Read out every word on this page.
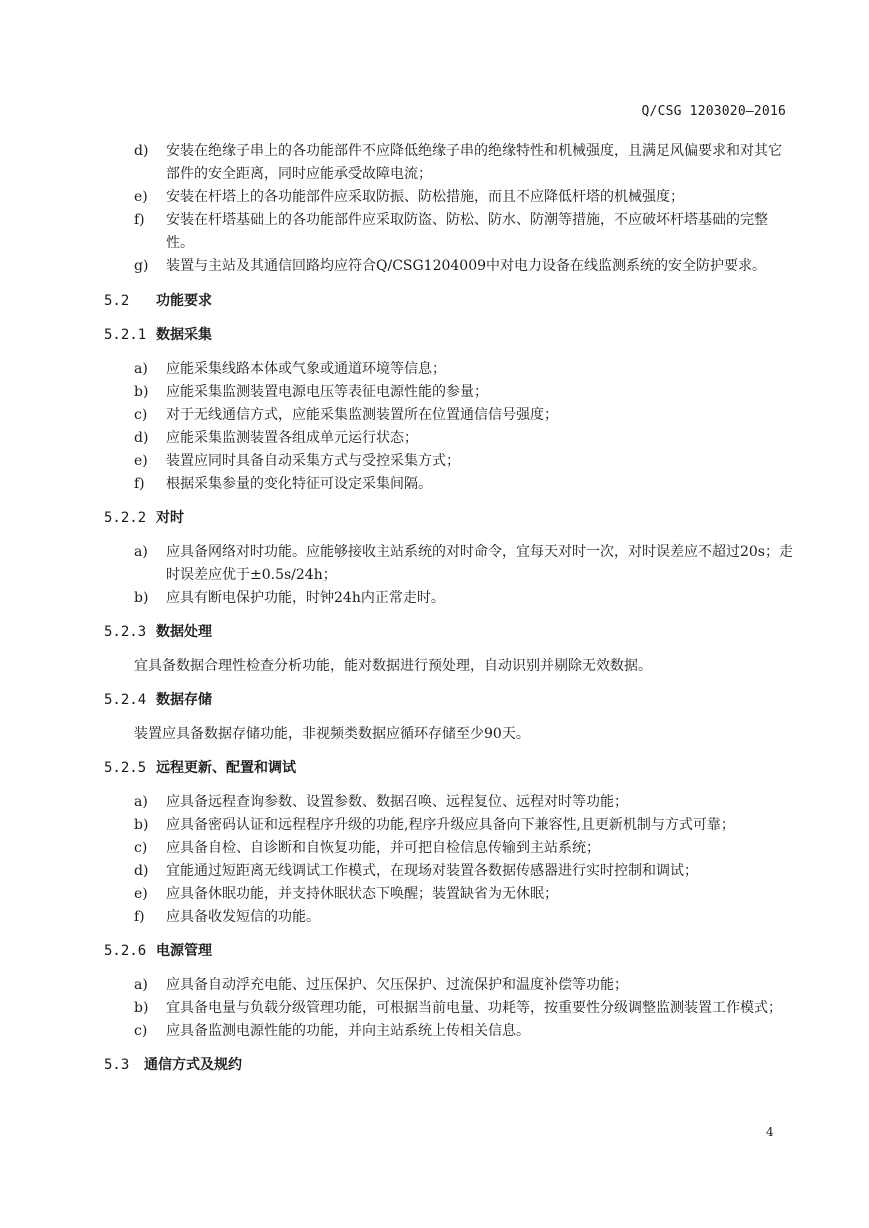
Q/CSG 1203020—2016
d) 安装在绝缘子串上的各功能部件不应降低绝缘子串的绝缘特性和机械强度，且满足风偏要求和对其它部件的安全距离，同时应能承受故障电流；
e) 安装在杆塔上的各功能部件应采取防振、防松措施，而且不应降低杆塔的机械强度；
f) 安装在杆塔基础上的各功能部件应采取防盗、防松、防水、防潮等措施，不应破坏杆塔基础的完整性。
g) 装置与主站及其通信回路均应符合Q/CSG1204009中对电力设备在线监测系统的安全防护要求。
5.2 功能要求
5.2.1 数据采集
a) 应能采集线路本体或气象或通道环境等信息；
b) 应能采集监测装置电源电压等表征电源性能的参量；
c) 对于无线通信方式，应能采集监测装置所在位置通信信号强度；
d) 应能采集监测装置各组成单元运行状态；
e) 装置应同时具备自动采集方式与受控采集方式；
f) 根据采集参量的变化特征可设定采集间隔。
5.2.2 对时
a) 应具备网络对时功能。应能够接收主站系统的对时命令，宜每天对时一次，对时误差应不超过20s；走时误差应优于±0.5s/24h；
b) 应具有断电保护功能，时钟24h内正常走时。
5.2.3 数据处理
宜具备数据合理性检查分析功能，能对数据进行预处理，自动识别并剔除无效数据。
5.2.4 数据存储
装置应具备数据存储功能，非视频类数据应循环存储至少90天。
5.2.5 远程更新、配置和调试
a) 应具备远程查询参数、设置参数、数据召唤、远程复位、远程对时等功能；
b) 应具备密码认证和远程程序升级的功能,程序升级应具备向下兼容性,且更新机制与方式可靠；
c) 应具备自检、自诊断和自恢复功能，并可把自检信息传输到主站系统；
d) 宜能通过短距离无线调试工作模式，在现场对装置各数据传感器进行实时控制和调试；
e) 应具备休眠功能，并支持休眠状态下唤醒；装置缺省为无休眠；
f) 应具备收发短信的功能。
5.2.6 电源管理
a) 应具备自动浮充电能、过压保护、欠压保护、过流保护和温度补偿等功能；
b) 宜具备电量与负载分级管理功能，可根据当前电量、功耗等，按重要性分级调整监测装置工作模式；
c) 应具备监测电源性能的功能，并向主站系统上传相关信息。
5.3 通信方式及规约
4
